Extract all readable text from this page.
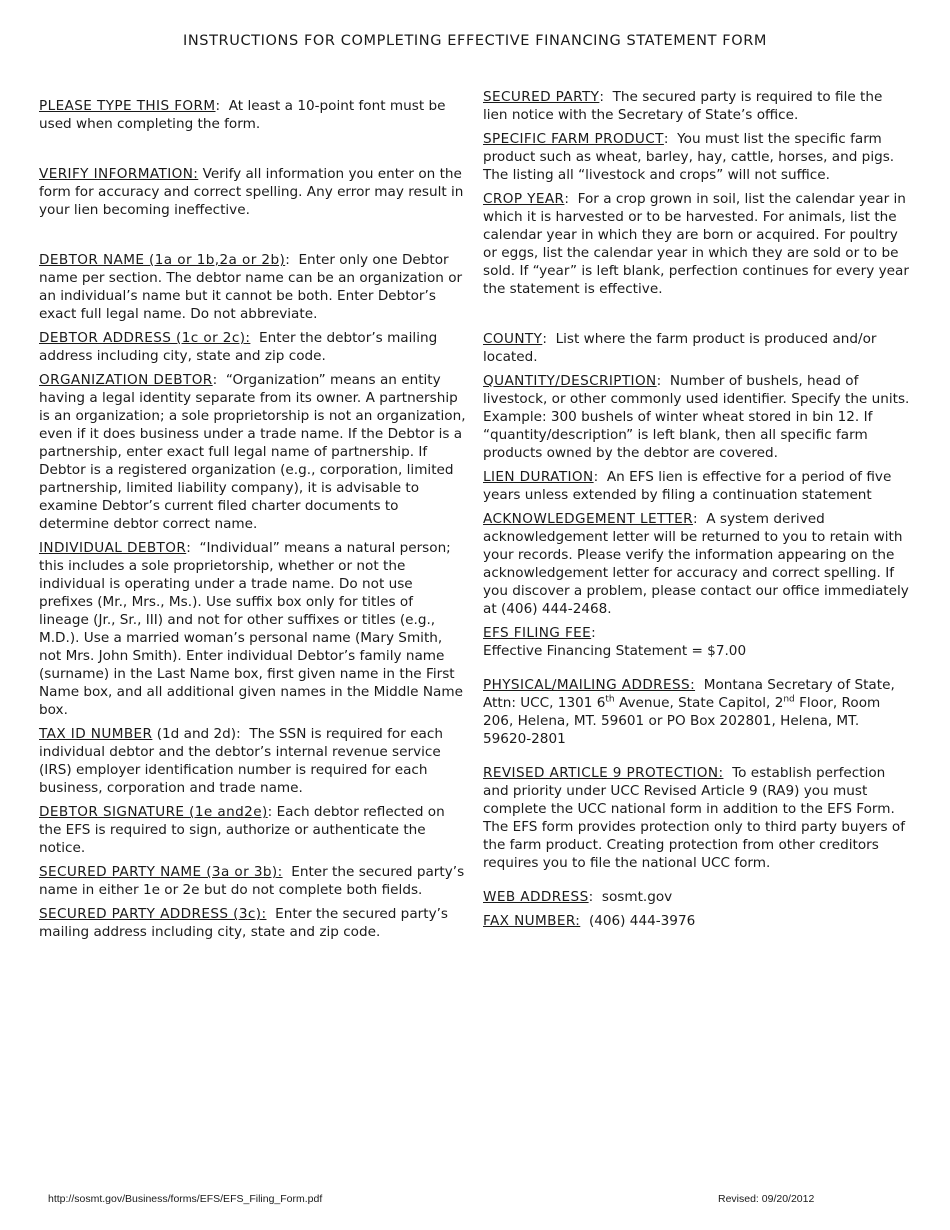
INSTRUCTIONS FOR COMPLETING EFFECTIVE FINANCING STATEMENT FORM
PLEASE TYPE THIS FORM: At least a 10-point font must be used when completing the form.
VERIFY INFORMATION: Verify all information you enter on the form for accuracy and correct spelling. Any error may result in your lien becoming ineffective.
DEBTOR NAME (1a or 1b,2a or 2b): Enter only one Debtor name per section. The debtor name can be an organization or an individual’s name but it cannot be both. Enter Debtor’s exact full legal name. Do not abbreviate.
DEBTOR ADDRESS (1c or 2c): Enter the debtor’s mailing address including city, state and zip code.
ORGANIZATION DEBTOR: “Organization” means an entity having a legal identity separate from its owner. A partnership is an organization; a sole proprietorship is not an organization, even if it does business under a trade name. If the Debtor is a partnership, enter exact full legal name of partnership. If Debtor is a registered organization (e.g., corporation, limited partnership, limited liability company), it is advisable to examine Debtor’s current filed charter documents to determine debtor correct name.
INDIVIDUAL DEBTOR: “Individual” means a natural person; this includes a sole proprietorship, whether or not the individual is operating under a trade name. Do not use prefixes (Mr., Mrs., Ms.). Use suffix box only for titles of lineage (Jr., Sr., III) and not for other suffixes or titles (e.g., M.D.). Use a married woman’s personal name (Mary Smith, not Mrs. John Smith). Enter individual Debtor’s family name (surname) in the Last Name box, first given name in the First Name box, and all additional given names in the Middle Name box.
TAX ID NUMBER (1d and 2d): The SSN is required for each individual debtor and the debtor’s internal revenue service (IRS) employer identification number is required for each business, corporation and trade name.
DEBTOR SIGNATURE (1e and2e): Each debtor reflected on the EFS is required to sign, authorize or authenticate the notice.
SECURED PARTY NAME (3a or 3b): Enter the secured party’s name in either 1e or 2e but do not complete both fields.
SECURED PARTY ADDRESS (3c): Enter the secured party’s mailing address including city, state and zip code.
SECURED PARTY: The secured party is required to file the lien notice with the Secretary of State’s office.
SPECIFIC FARM PRODUCT: You must list the specific farm product such as wheat, barley, hay, cattle, horses, and pigs. The listing all “livestock and crops” will not suffice.
CROP YEAR: For a crop grown in soil, list the calendar year in which it is harvested or to be harvested. For animals, list the calendar year in which they are born or acquired. For poultry or eggs, list the calendar year in which they are sold or to be sold. If “year” is left blank, perfection continues for every year the statement is effective.
COUNTY: List where the farm product is produced and/or located.
QUANTITY/DESCRIPTION: Number of bushels, head of livestock, or other commonly used identifier. Specify the units. Example: 300 bushels of winter wheat stored in bin 12. If “quantity/description” is left blank, then all specific farm products owned by the debtor are covered.
LIEN DURATION: An EFS lien is effective for a period of five years unless extended by filing a continuation statement
ACKNOWLEDGEMENT LETTER: A system derived acknowledgement letter will be returned to you to retain with your records. Please verify the information appearing on the acknowledgement letter for accuracy and correct spelling. If you discover a problem, please contact our office immediately at (406) 444-2468.
EFS FILING FEE:
Effective Financing Statement = $7.00
PHYSICAL/MAILING ADDRESS: Montana Secretary of State, Attn: UCC, 1301 6th Avenue, State Capitol, 2nd Floor, Room 206, Helena, MT. 59601 or PO Box 202801, Helena, MT. 59620-2801
REVISED ARTICLE 9 PROTECTION: To establish perfection and priority under UCC Revised Article 9 (RA9) you must complete the UCC national form in addition to the EFS Form. The EFS form provides protection only to third party buyers of the farm product. Creating protection from other creditors requires you to file the national UCC form.
WEB ADDRESS: sosmt.gov
FAX NUMBER: (406) 444-3976
http://sosmt.gov/Business/forms/EFS/EFS_Filing_Form.pdf	Revised: 09/20/2012
